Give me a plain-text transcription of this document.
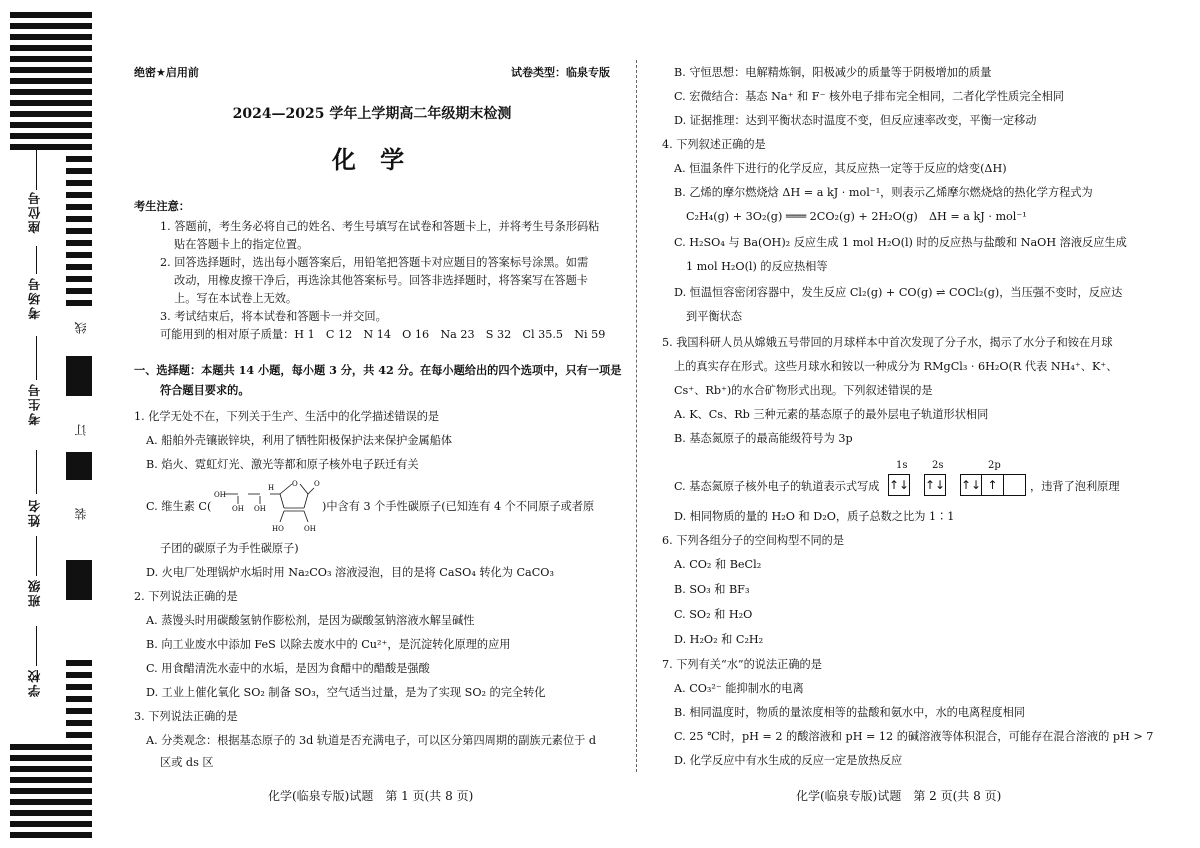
座位号
考场号
考生号
姓名
班级
学校
线
订
装
绝密★启用前	试卷类型：临泉专版
2024—2025 学年上学期高二年级期末检测
化 学
考生注意：
1. 答题前，考生务必将自己的姓名、考生号填写在试卷和答题卡上，并将考生号条形码粘
贴在答题卡上的指定位置。
2. 回答选择题时，选出每小题答案后，用铅笔把答题卡对应题目的答案标号涂黑。如需
改动，用橡皮擦干净后，再选涂其他答案标号。回答非选择题时，将答案写在答题卡
上。写在本试卷上无效。
3. 考试结束后，将本试卷和答题卡一并交回。
可能用到的相对原子质量：H 1　C 12　N 14　O 16　Na 23　S 32　Cl 35.5　Ni 59
一、选择题：本题共 14 小题，每小题 3 分，共 42 分。在每小题给出的四个选项中，只有一项是
符合题目要求的。
1. 化学无处不在，下列关于生产、生活中的化学描述错误的是
A. 船舶外壳镶嵌锌块，利用了牺牲阳极保护法来保护金属船体
B. 焰火、霓虹灯光、激光等都和原子核外电子跃迁有关
C. 维生素 C(
OH
OH OH
H	O O
HO	OH
)中含有 3 个手性碳原子(已知连有 4 个不同原子或者原
子团的碳原子为手性碳原子)
D. 火电厂处理锅炉水垢时用 Na₂CO₃ 溶液浸泡，目的是将 CaSO₄ 转化为 CaCO₃
2. 下列说法正确的是
A. 蒸馒头时用碳酸氢钠作膨松剂，是因为碳酸氢钠溶液水解呈碱性
B. 向工业废水中添加 FeS 以除去废水中的 Cu²⁺，是沉淀转化原理的应用
C. 用食醋清洗水壶中的水垢，是因为食醋中的醋酸是强酸
D. 工业上催化氧化 SO₂ 制备 SO₃，空气适当过量，是为了实现 SO₂ 的完全转化
3. 下列说法正确的是
A. 分类观念：根据基态原子的 3d 轨道是否充满电子，可以区分第四周期的副族元素位于 d
区或 ds 区
化学(临泉专版)试题　第 1 页(共 8 页)
B. 守恒思想：电解精炼铜，阳极减少的质量等于阴极增加的质量
C. 宏微结合：基态 Na⁺ 和 F⁻ 核外电子排布完全相同，二者化学性质完全相同
D. 证据推理：达到平衡状态时温度不变，但反应速率改变，平衡一定移动
4. 下列叙述正确的是
A. 恒温条件下进行的化学反应，其反应热一定等于反应的焓变(ΔH)
B. 乙烯的摩尔燃烧焓 ΔH = a kJ · mol⁻¹，则表示乙烯摩尔燃烧焓的热化学方程式为
C₂H₄(g) + 3O₂(g) ═══ 2CO₂(g) + 2H₂O(g)　ΔH = a kJ · mol⁻¹
C. H₂SO₄ 与 Ba(OH)₂ 反应生成 1 mol H₂O(l) 时的反应热与盐酸和 NaOH 溶液反应生成
1 mol H₂O(l) 的反应热相等
D. 恒温恒容密闭容器中，发生反应 Cl₂(g) + CO(g) ⇌ COCl₂(g)，当压强不变时，反应达
到平衡状态
5. 我国科研人员从嫦娥五号带回的月球样本中首次发现了分子水，揭示了水分子和铵在月球
上的真实存在形式。这些月球水和铵以一种成分为 RMgCl₃ · 6H₂O(R 代表 NH₄⁺、K⁺、
Cs⁺、Rb⁺)的水合矿物形式出现。下列叙述错误的是
A. K、Cs、Rb 三种元素的基态原子的最外层电子轨道形状相同
B. 基态氮原子的最高能级符号为 3p
C. 基态氮原子核外电子的轨道表示式写成
1s 2s	2p
↑↓ ↑↓ ↑↓ ↑	，违背了泡利原理
D. 相同物质的量的 H₂O 和 D₂O，质子总数之比为 1∶1
6. 下列各组分子的空间构型不同的是
A. CO₂ 和 BeCl₂
B. SO₃ 和 BF₃
C. SO₂ 和 H₂O
D. H₂O₂ 和 C₂H₂
7. 下列有关“水”的说法正确的是
A. CO₃²⁻ 能抑制水的电离
B. 相同温度时，物质的量浓度相等的盐酸和氨水中，水的电离程度相同
C. 25 ℃时，pH = 2 的酸溶液和 pH = 12 的碱溶液等体积混合，可能存在混合溶液的 pH > 7
D. 化学反应中有水生成的反应一定是放热反应
化学(临泉专版)试题　第 2 页(共 8 页)
